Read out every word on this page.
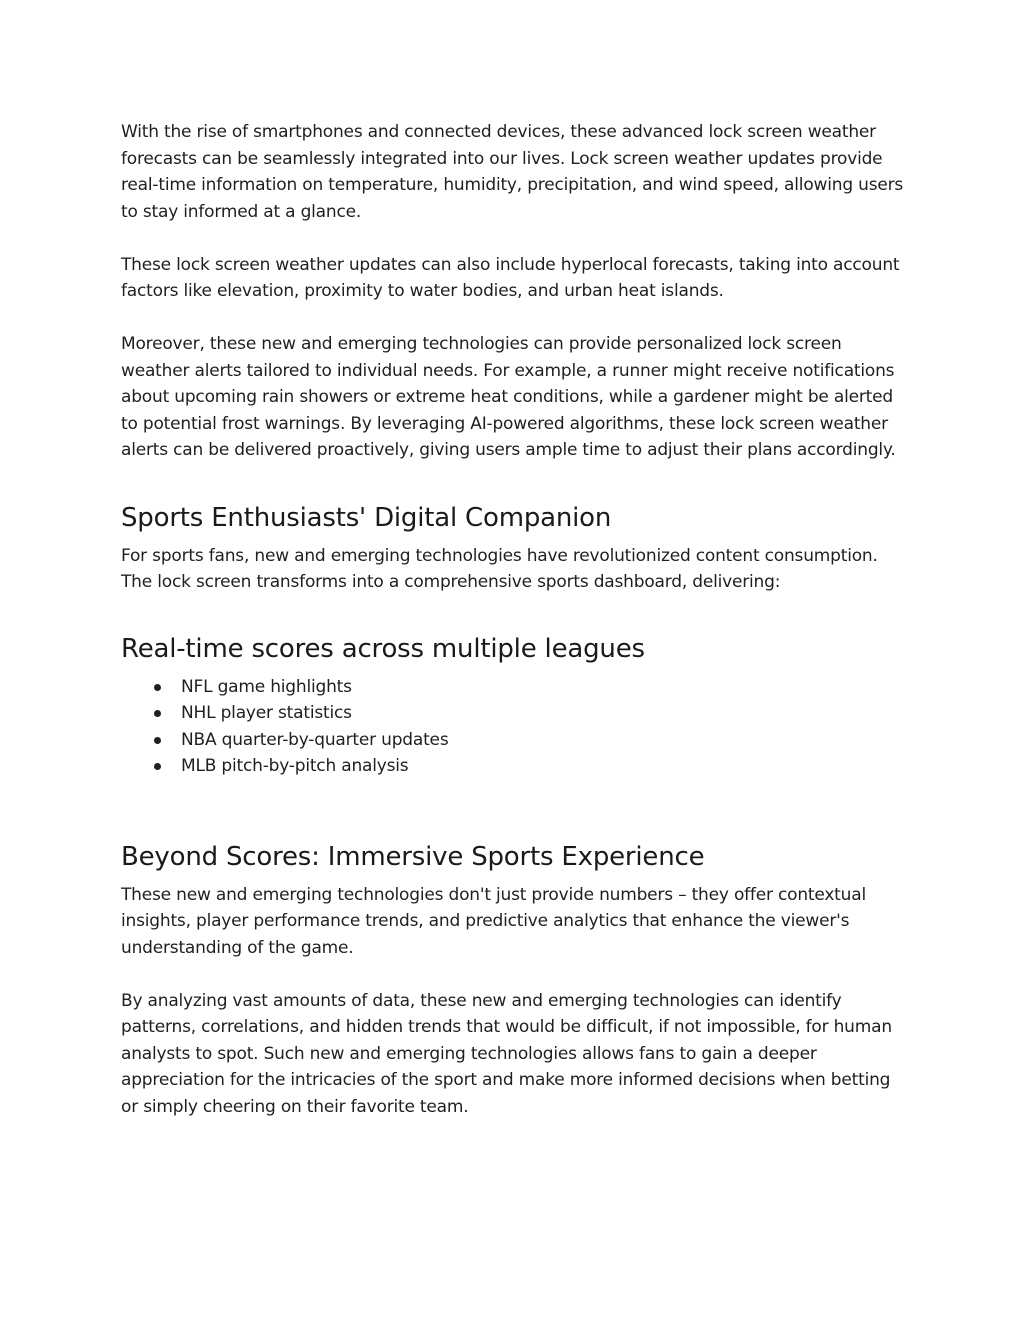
With the rise of smartphones and connected devices, these advanced lock screen weather forecasts can be seamlessly integrated into our lives. Lock screen weather updates provide real-time information on temperature, humidity, precipitation, and wind speed, allowing users to stay informed at a glance.

These lock screen weather updates can also include hyperlocal forecasts, taking into account factors like elevation, proximity to water bodies, and urban heat islands.

Moreover, these new and emerging technologies can provide personalized lock screen weather alerts tailored to individual needs. For example, a runner might receive notifications about upcoming rain showers or extreme heat conditions, while a gardener might be alerted to potential frost warnings. By leveraging AI-powered algorithms, these lock screen weather alerts can be delivered proactively, giving users ample time to adjust their plans accordingly.

Sports Enthusiasts' Digital Companion

For sports fans, new and emerging technologies have revolutionized content consumption. The lock screen transforms into a comprehensive sports dashboard, delivering:

Real-time scores across multiple leagues
NFL game highlights
NHL player statistics
NBA quarter-by-quarter updates
MLB pitch-by-pitch analysis
Beyond Scores: Immersive Sports Experience

These new and emerging technologies don't just provide numbers – they offer contextual insights, player performance trends, and predictive analytics that enhance the viewer's understanding of the game.

By analyzing vast amounts of data, these new and emerging technologies can identify patterns, correlations, and hidden trends that would be difficult, if not impossible, for human analysts to spot. Such new and emerging technologies allows fans to gain a deeper appreciation for the intricacies of the sport and make more informed decisions when betting or simply cheering on their favorite team.
